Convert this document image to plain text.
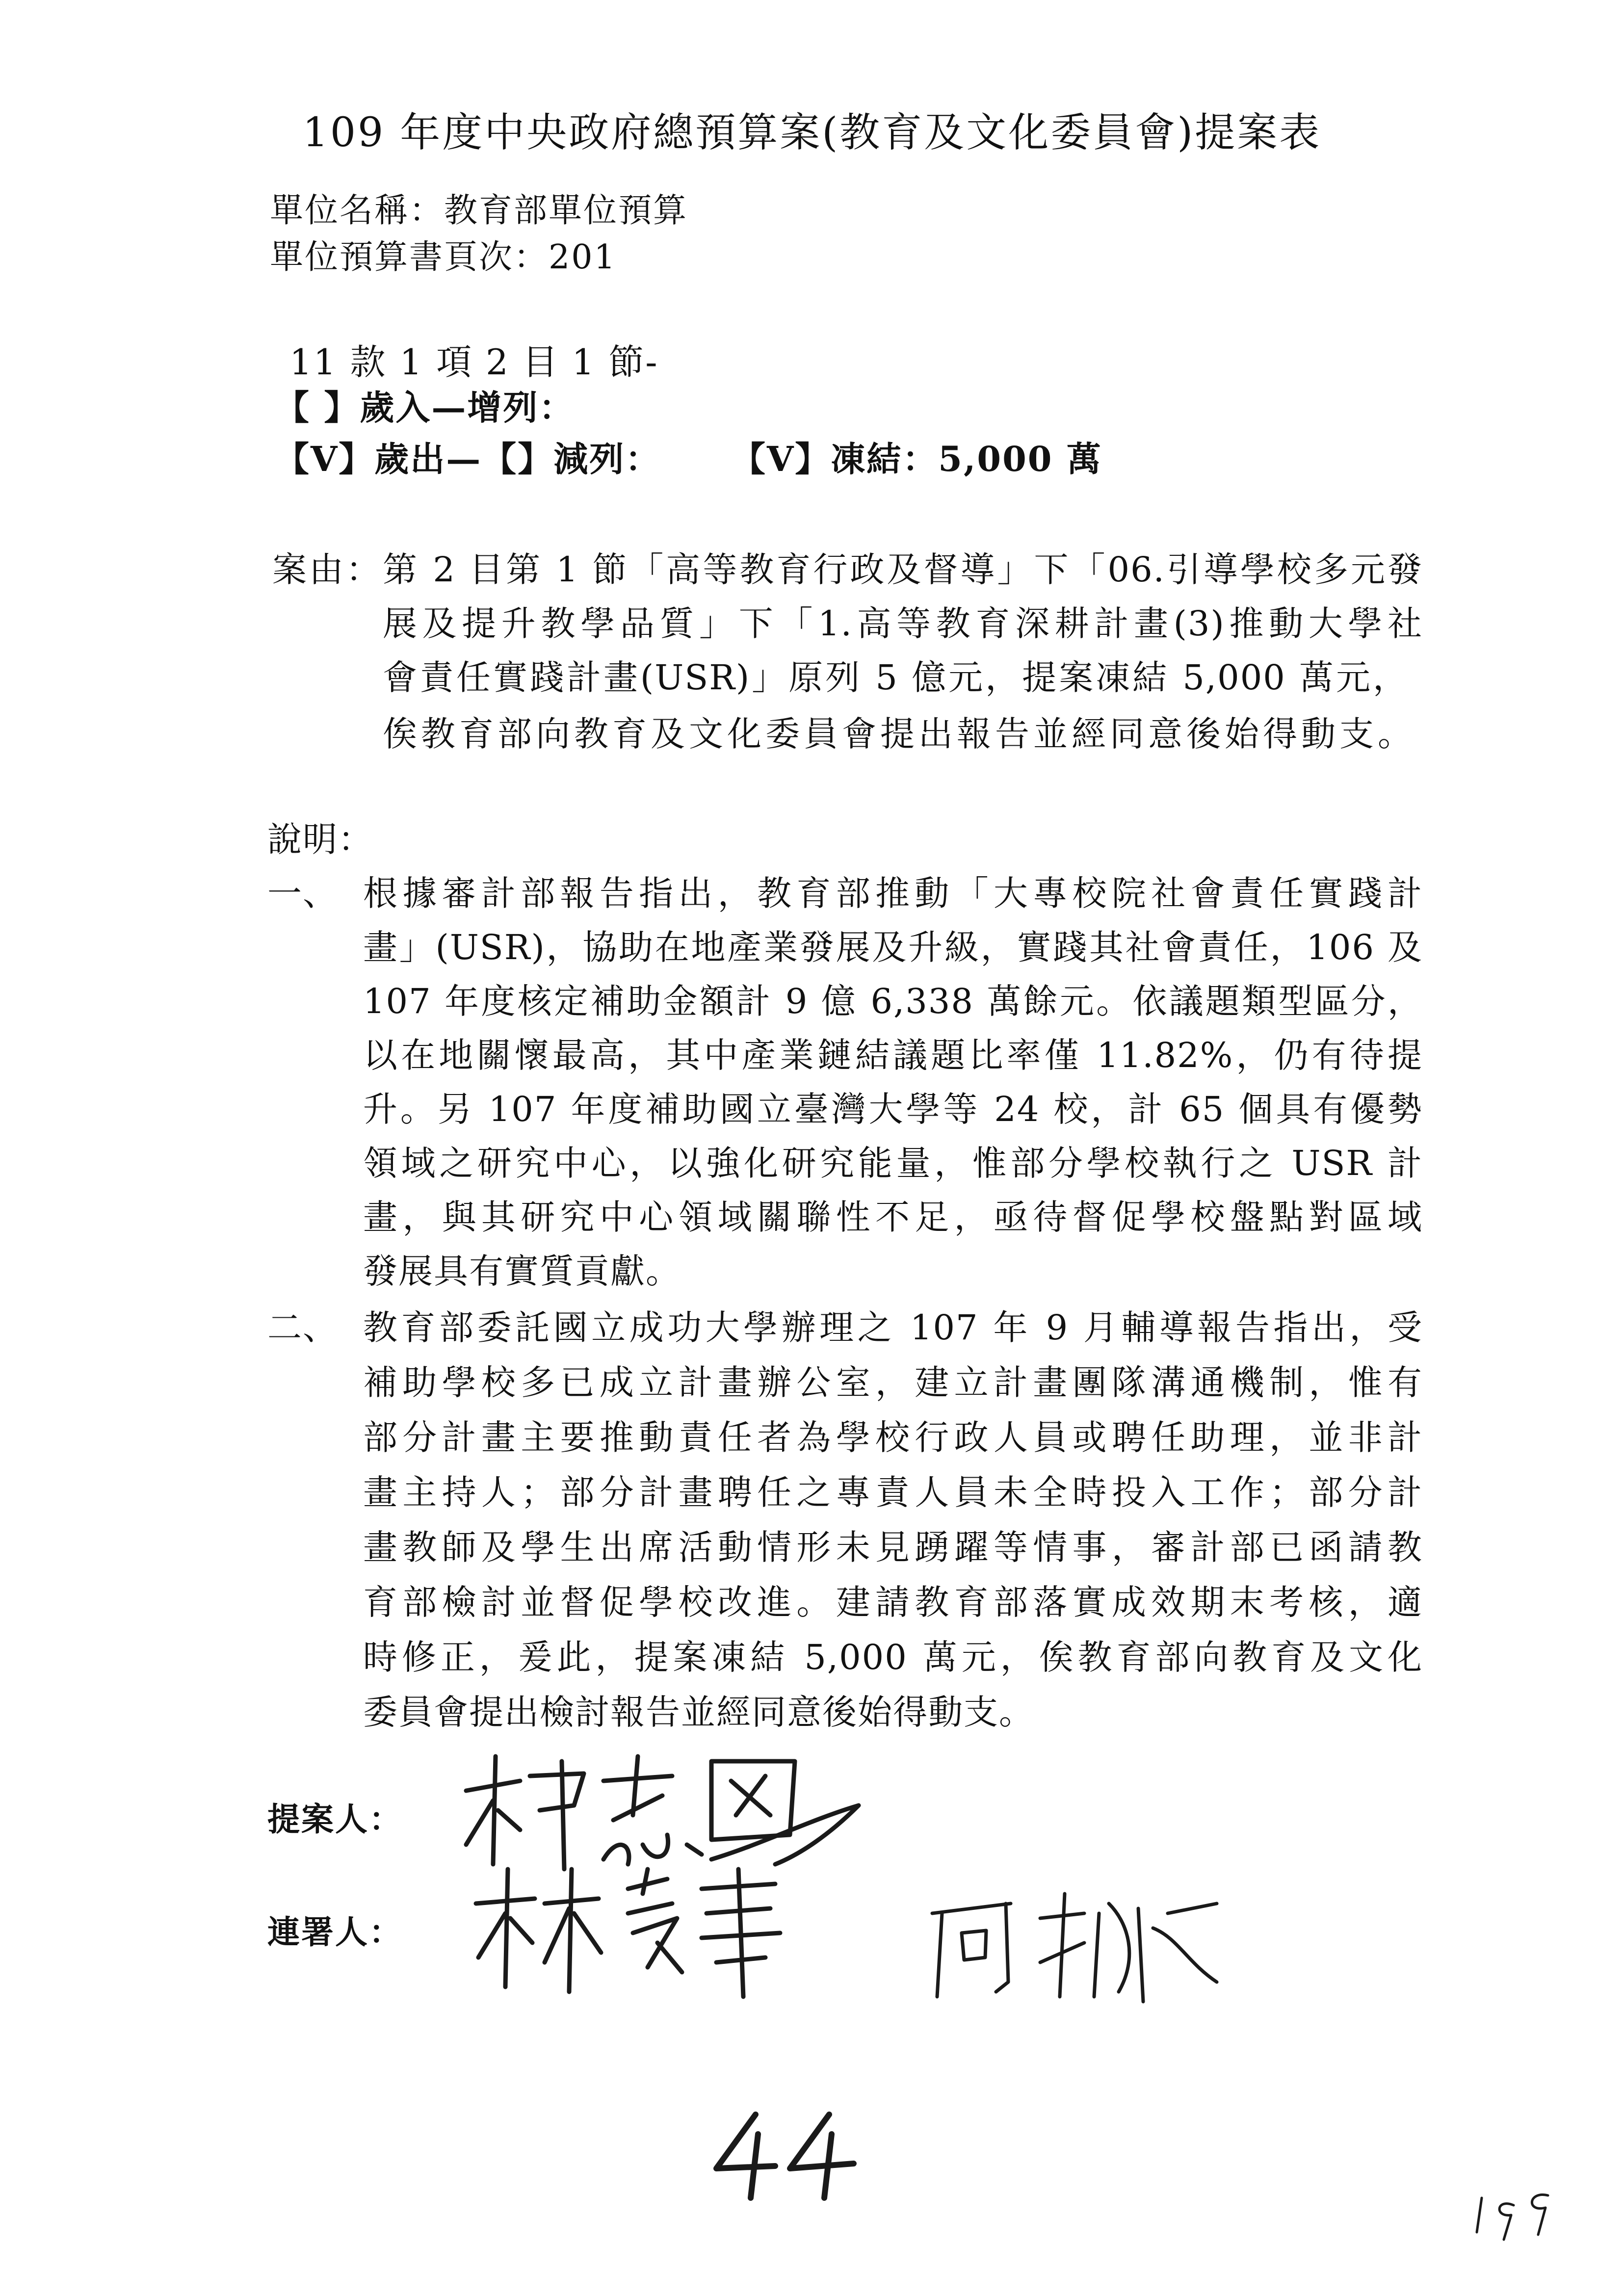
109 年度中央政府總預算案(教育及文化委員會)提案表
單位名稱：教育部單位預算
單位預算書頁次：201
11 款 1 項 2 目 1 節-
【 】歲入—增列：
【V】歲出—【】減列： 【V】凍結：5,000 萬
案由：第 2 目第 1 節「高等教育行政及督導」下「06.引導學校多元發
展及提升教學品質」下「1.高等教育深耕計畫(3)推動大學社
會責任實踐計畫(USR)」原列 5 億元，提案凍結 5,000 萬元，
俟教育部向教育及文化委員會提出報告並經同意後始得動支。
說明：
一、 根據審計部報告指出，教育部推動「大專校院社會責任實踐計
畫」(USR)，協助在地產業發展及升級，實踐其社會責任，106 及
107 年度核定補助金額計 9 億 6,338 萬餘元。依議題類型區分，
以在地關懷最高，其中產業鏈結議題比率僅 11.82%，仍有待提
升。另 107 年度補助國立臺灣大學等 24 校，計 65 個具有優勢
領域之研究中心，以強化研究能量，惟部分學校執行之 USR 計
畫，與其研究中心領域關聯性不足，亟待督促學校盤點對區域
發展具有實質貢獻。
二、 教育部委託國立成功大學辦理之 107 年 9 月輔導報告指出，受
補助學校多已成立計畫辦公室，建立計畫團隊溝通機制，惟有
部分計畫主要推動責任者為學校行政人員或聘任助理，並非計
畫主持人；部分計畫聘任之專責人員未全時投入工作；部分計
畫教師及學生出席活動情形未見踴躍等情事，審計部已函請教
育部檢討並督促學校改進。建請教育部落實成效期末考核，適
時修正，爰此，提案凍結 5,000 萬元，俟教育部向教育及文化
委員會提出檢討報告並經同意後始得動支。
提案人：
連署人：
